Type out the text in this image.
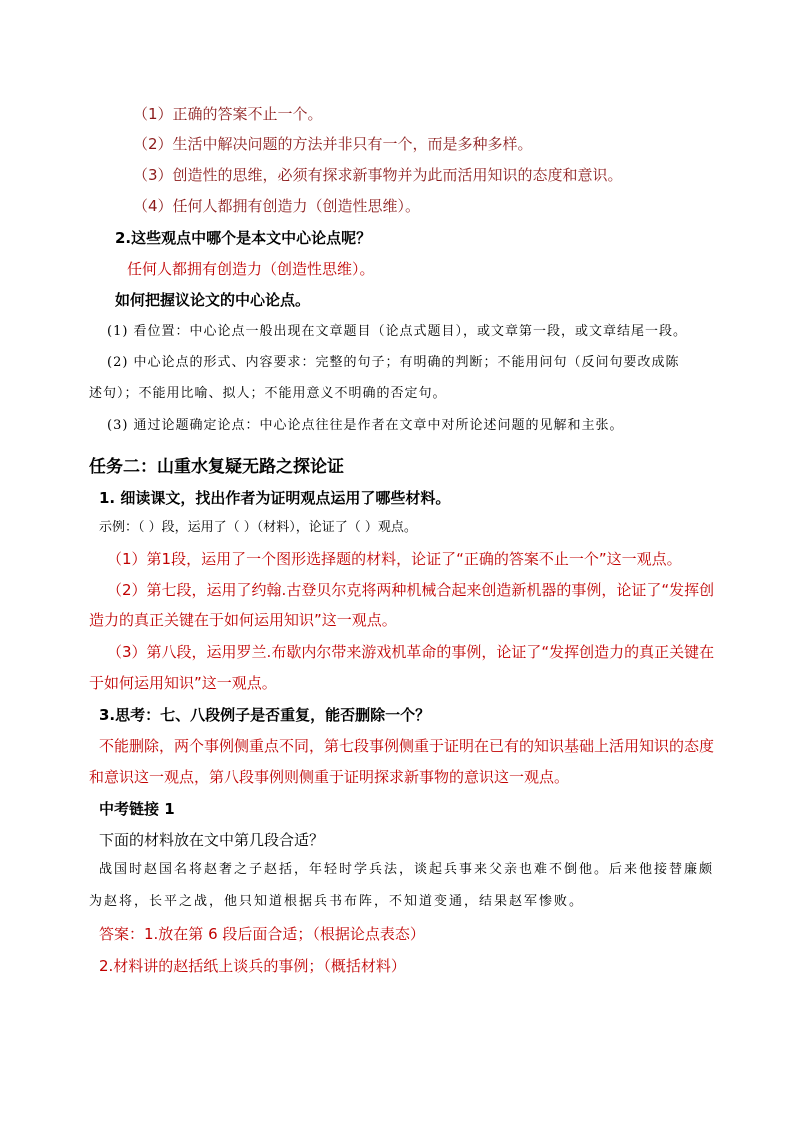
（1）正确的答案不止一个。
（2）生活中解决问题的方法并非只有一个，而是多种多样。
（3）创造性的思维，必须有探求新事物并为此而活用知识的态度和意识。
（4）任何人都拥有创造力（创造性思维）。
2.这些观点中哪个是本文中心论点呢？
任何人都拥有创造力（创造性思维）。
如何把握议论文的中心论点。
(1) 看位置：中心论点一般出现在文章题目（论点式题目），或文章第一段，或文章结尾一段。
(2) 中心论点的形式、内容要求：完整的句子；有明确的判断；不能用问句（反问句要改成陈
述句）；不能用比喻、拟人；不能用意义不明确的否定句。
(3) 通过论题确定论点：中心论点往往是作者在文章中对所论述问题的见解和主张。
任务二：山重水复疑无路之探论证
1. 细读课文，找出作者为证明观点运用了哪些材料。
示例：（ ）段，运用了（ ）（材料），论证了（ ）观点。
（1）第1段，运用了一个图形选择题的材料，论证了“正确的答案不止一个”这一观点。
（2）第七段，运用了约翰.古登贝尔克将两种机械合起来创造新机器的事例，论证了“发挥创
造力的真正关键在于如何运用知识”这一观点。
（3）第八段，运用罗兰.布歇内尔带来游戏机革命的事例，论证了“发挥创造力的真正关键在
于如何运用知识”这一观点。
3.思考：七、八段例子是否重复，能否删除一个？
不能删除，两个事例侧重点不同，第七段事例侧重于证明在已有的知识基础上活用知识的态度
和意识这一观点，第八段事例则侧重于证明探求新事物的意识这一观点。
中考链接 1
下面的材料放在文中第几段合适？
战国时赵国名将赵奢之子赵括，年轻时学兵法，谈起兵事来父亲也难不倒他。后来他接替廉颇
为赵将，长平之战，他只知道根据兵书布阵，不知道变通，结果赵军惨败。
答案：1.放在第 6 段后面合适；（根据论点表态）
2.材料讲的赵括纸上谈兵的事例；（概括材料）
